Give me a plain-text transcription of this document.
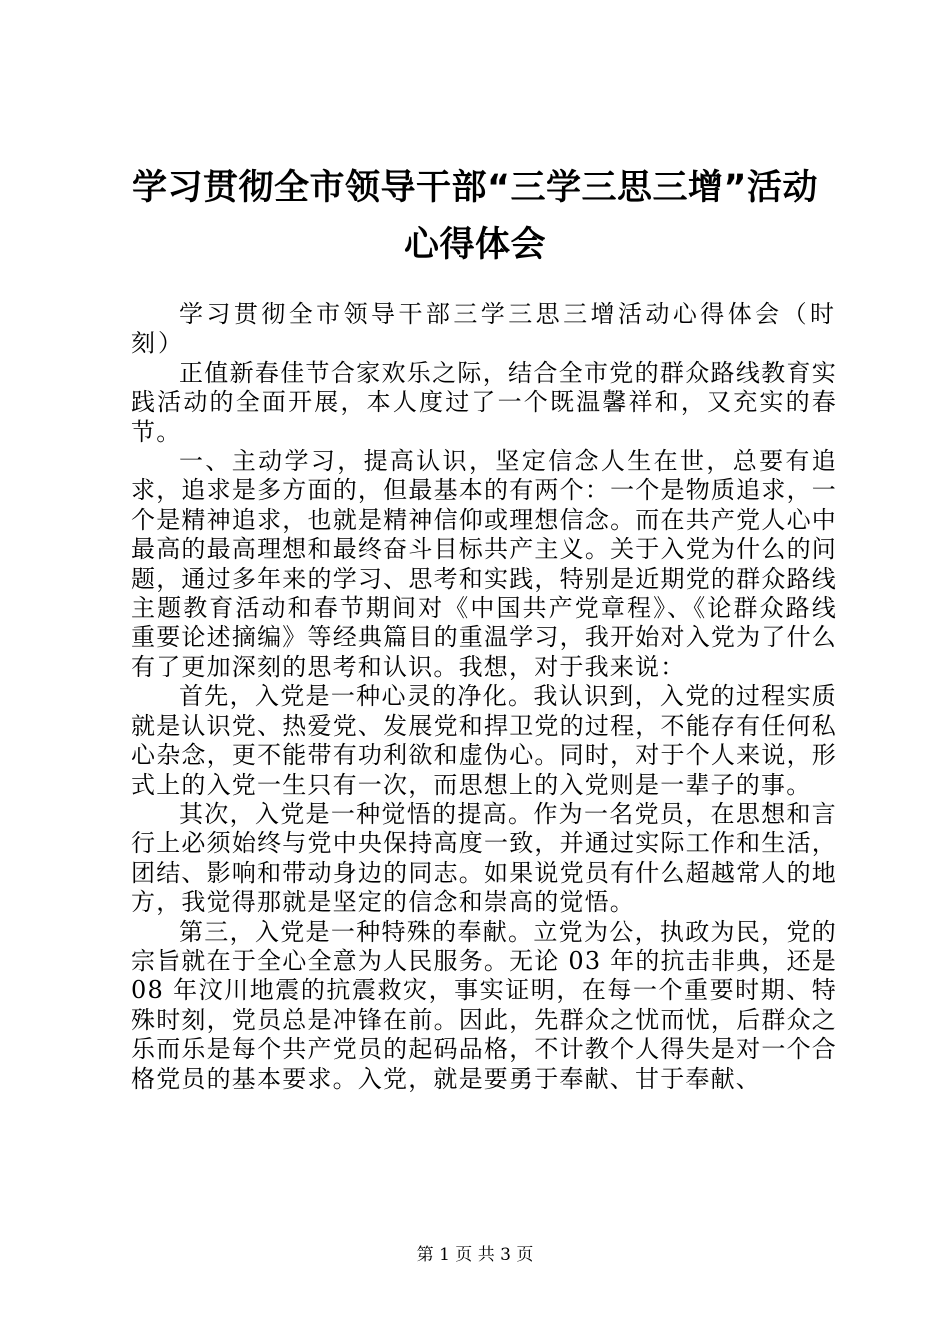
学习贯彻全市领导干部“三学三思三增”活动
心得体会

学习贯彻全市领导干部三学三思三增活动心得体会（时刻）

正值新春佳节合家欢乐之际，结合全市党的群众路线教育实践活动的全面开展，本人度过了一个既温馨祥和，又充实的春节。

一、主动学习，提高认识，坚定信念人生在世，总要有追求，追求是多方面的，但最基本的有两个：一个是物质追求，一个是精神追求，也就是精神信仰或理想信念。而在共产党人心中最高的最高理想和最终奋斗目标共产主义。关于入党为什么的问题，通过多年来的学习、思考和实践，特别是近期党的群众路线主题教育活动和春节期间对《中国共产党章程》、《论群众路线重要论述摘编》等经典篇目的重温学习，我开始对入党为了什么有了更加深刻的思考和认识。我想，对于我来说：

首先，入党是一种心灵的净化。我认识到，入党的过程实质就是认识党、热爱党、发展党和捍卫党的过程，不能存有任何私心杂念，更不能带有功利欲和虚伪心。同时，对于个人来说，形式上的入党一生只有一次，而思想上的入党则是一辈子的事。

其次，入党是一种觉悟的提高。作为一名党员，在思想和言行上必须始终与党中央保持高度一致，并通过实际工作和生活，团结、影响和带动身边的同志。如果说党员有什么超越常人的地方，我觉得那就是坚定的信念和崇高的觉悟。

第三，入党是一种特殊的奉献。立党为公，执政为民，党的宗旨就在于全心全意为人民服务。无论 03 年的抗击非典，还是 08 年汶川地震的抗震救灾，事实证明，在每一个重要时期、特殊时刻，党员总是冲锋在前。因此，先群众之忧而忧，后群众之乐而乐是每个共产党员的起码品格，不计教个人得失是对一个合格党员的基本要求。入党，就是要勇于奉献、甘于奉献、

第 1 页 共 3 页
